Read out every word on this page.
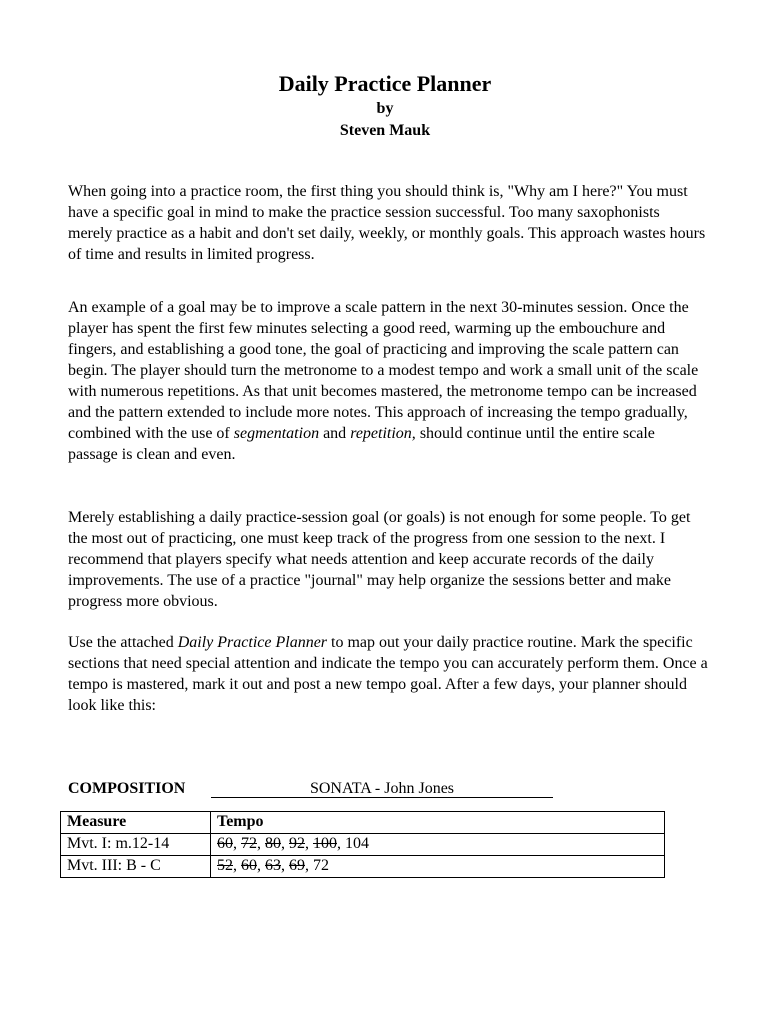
Daily Practice Planner
by
Steven Mauk

When going into a practice room, the first thing you should think is, "Why am I here?" You must have a specific goal in mind to make the practice session successful. Too many saxophonists merely practice as a habit and don't set daily, weekly, or monthly goals. This approach wastes hours of time and results in limited progress.

An example of a goal may be to improve a scale pattern in the next 30-minutes session. Once the player has spent the first few minutes selecting a good reed, warming up the embouchure and fingers, and establishing a good tone, the goal of practicing and improving the scale pattern can begin. The player should turn the metronome to a modest tempo and work a small unit of the scale with numerous repetitions. As that unit becomes mastered, the metronome tempo can be increased and the pattern extended to include more notes. This approach of increasing the tempo gradually, combined with the use of segmentation and repetition, should continue until the entire scale passage is clean and even.

Merely establishing a daily practice-session goal (or goals) is not enough for some people. To get the most out of practicing, one must keep track of the progress from one session to the next. I recommend that players specify what needs attention and keep accurate records of the daily improvements. The use of a practice "journal" may help organize the sessions better and make progress more obvious.

Use the attached Daily Practice Planner to map out your daily practice routine. Mark the specific sections that need special attention and indicate the tempo you can accurately perform them. Once a tempo is mastered, mark it out and post a new tempo goal. After a few days, your planner should look like this:

COMPOSITION	SONATA - John Jones
Measure	Tempo
Mvt. I: m.12-14	60, 72, 80, 92, 100, 104
Mvt. III: B - C	52, 60, 63, 69, 72
